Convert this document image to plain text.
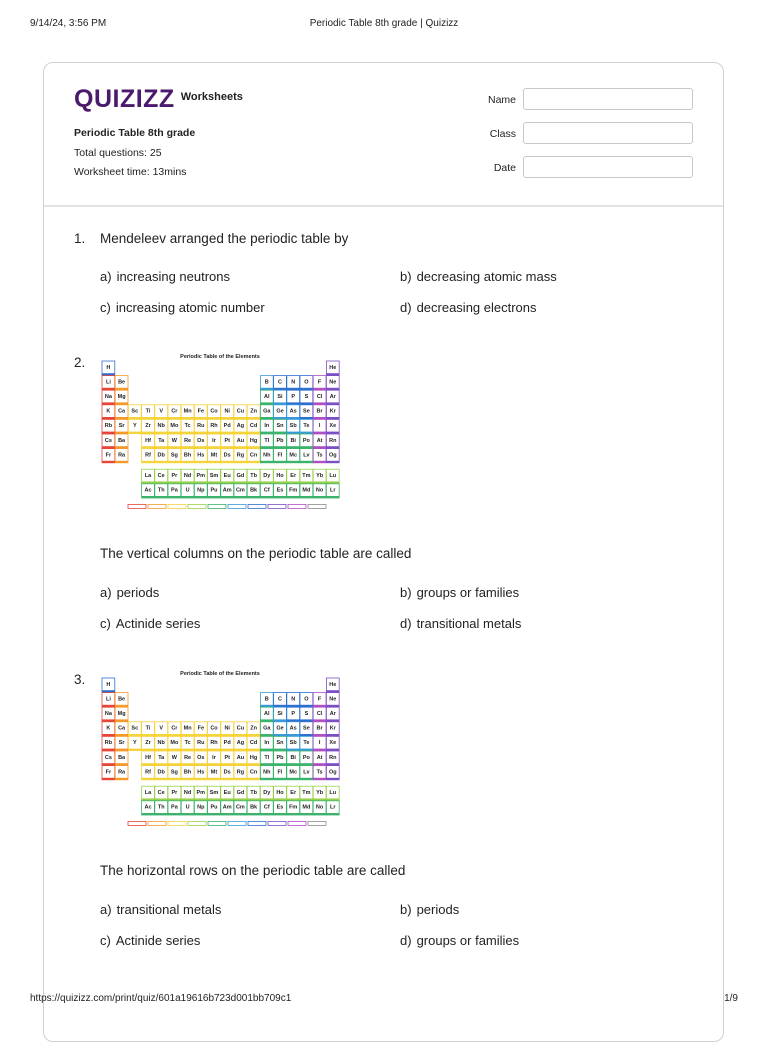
9/14/24, 3:56 PM	Periodic Table 8th grade | Quizizz
QUIZIZZ Worksheets
Periodic Table 8th grade
Total questions: 25
Worksheet time: 13mins
Name
Class
Date
1. Mendeleev arranged the periodic table by
a) increasing neutrons	b) decreasing atomic mass
c) increasing atomic number	d) decreasing electrons
2.	Periodic Table of the Elements
H	He
Li Be	B C N O F Ne
Na Mg	Al Si P S Cl Ar
K Ca Sc Ti V Cr Mn Fe Co Ni Cu Zn Ga Ge As Se Br Kr
Rb Sr Y Zr Nb Mo Tc Ru Rh Pd Ag Cd In Sn Sb Te I Xe
Cs Ba	Hf Ta W Re Os Ir Pt Au Hg Tl Pb Bi Po At Rn
Fr Ra	Rf Db Sg Bh Hs Mt Ds Rg Cn Nh Fl Mc Lv Ts Og
La Ce Pr Nd Pm Sm Eu Gd Tb Dy Ho Er Tm Yb Lu
Ac Th Pa U Np Pu Am Cm Bk Cf Es Fm Md No Lr
The vertical columns on the periodic table are called
a) periods	b) groups or families
c) Actinide series	d) transitional metals
3.	Periodic Table of the Elements
H	He
Li Be	B C N O F Ne
Na Mg	Al Si P S Cl Ar
K Ca Sc Ti V Cr Mn Fe Co Ni Cu Zn Ga Ge As Se Br Kr
Rb Sr Y Zr Nb Mo Tc Ru Rh Pd Ag Cd In Sn Sb Te I Xe
Cs Ba	Hf Ta W Re Os Ir Pt Au Hg Tl Pb Bi Po At Rn
Fr Ra	Rf Db Sg Bh Hs Mt Ds Rg Cn Nh Fl Mc Lv Ts Og
La Ce Pr Nd Pm Sm Eu Gd Tb Dy Ho Er Tm Yb Lu
Ac Th Pa U Np Pu Am Cm Bk Cf Es Fm Md No Lr
The horizontal rows on the periodic table are called
a) transitional metals	b) periods
c) Actinide series	d) groups or families
https://quizizz.com/print/quiz/601a19616b723d001bb709c1	1/9
